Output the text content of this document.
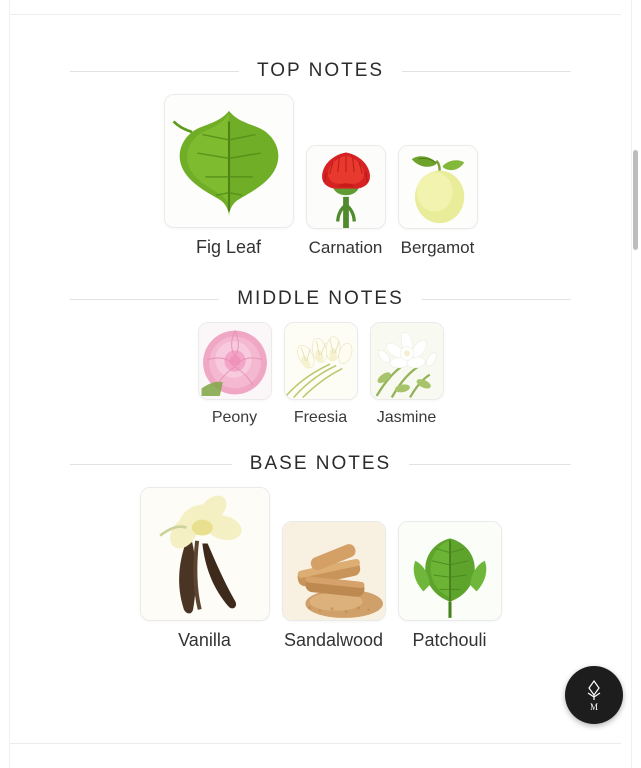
TOP NOTES
Fig Leaf	Carnation Bergamot
MIDDLE NOTES
Peony Freesia Jasmine
BASE NOTES
Vanilla	Sandalwood Patchouli
M
